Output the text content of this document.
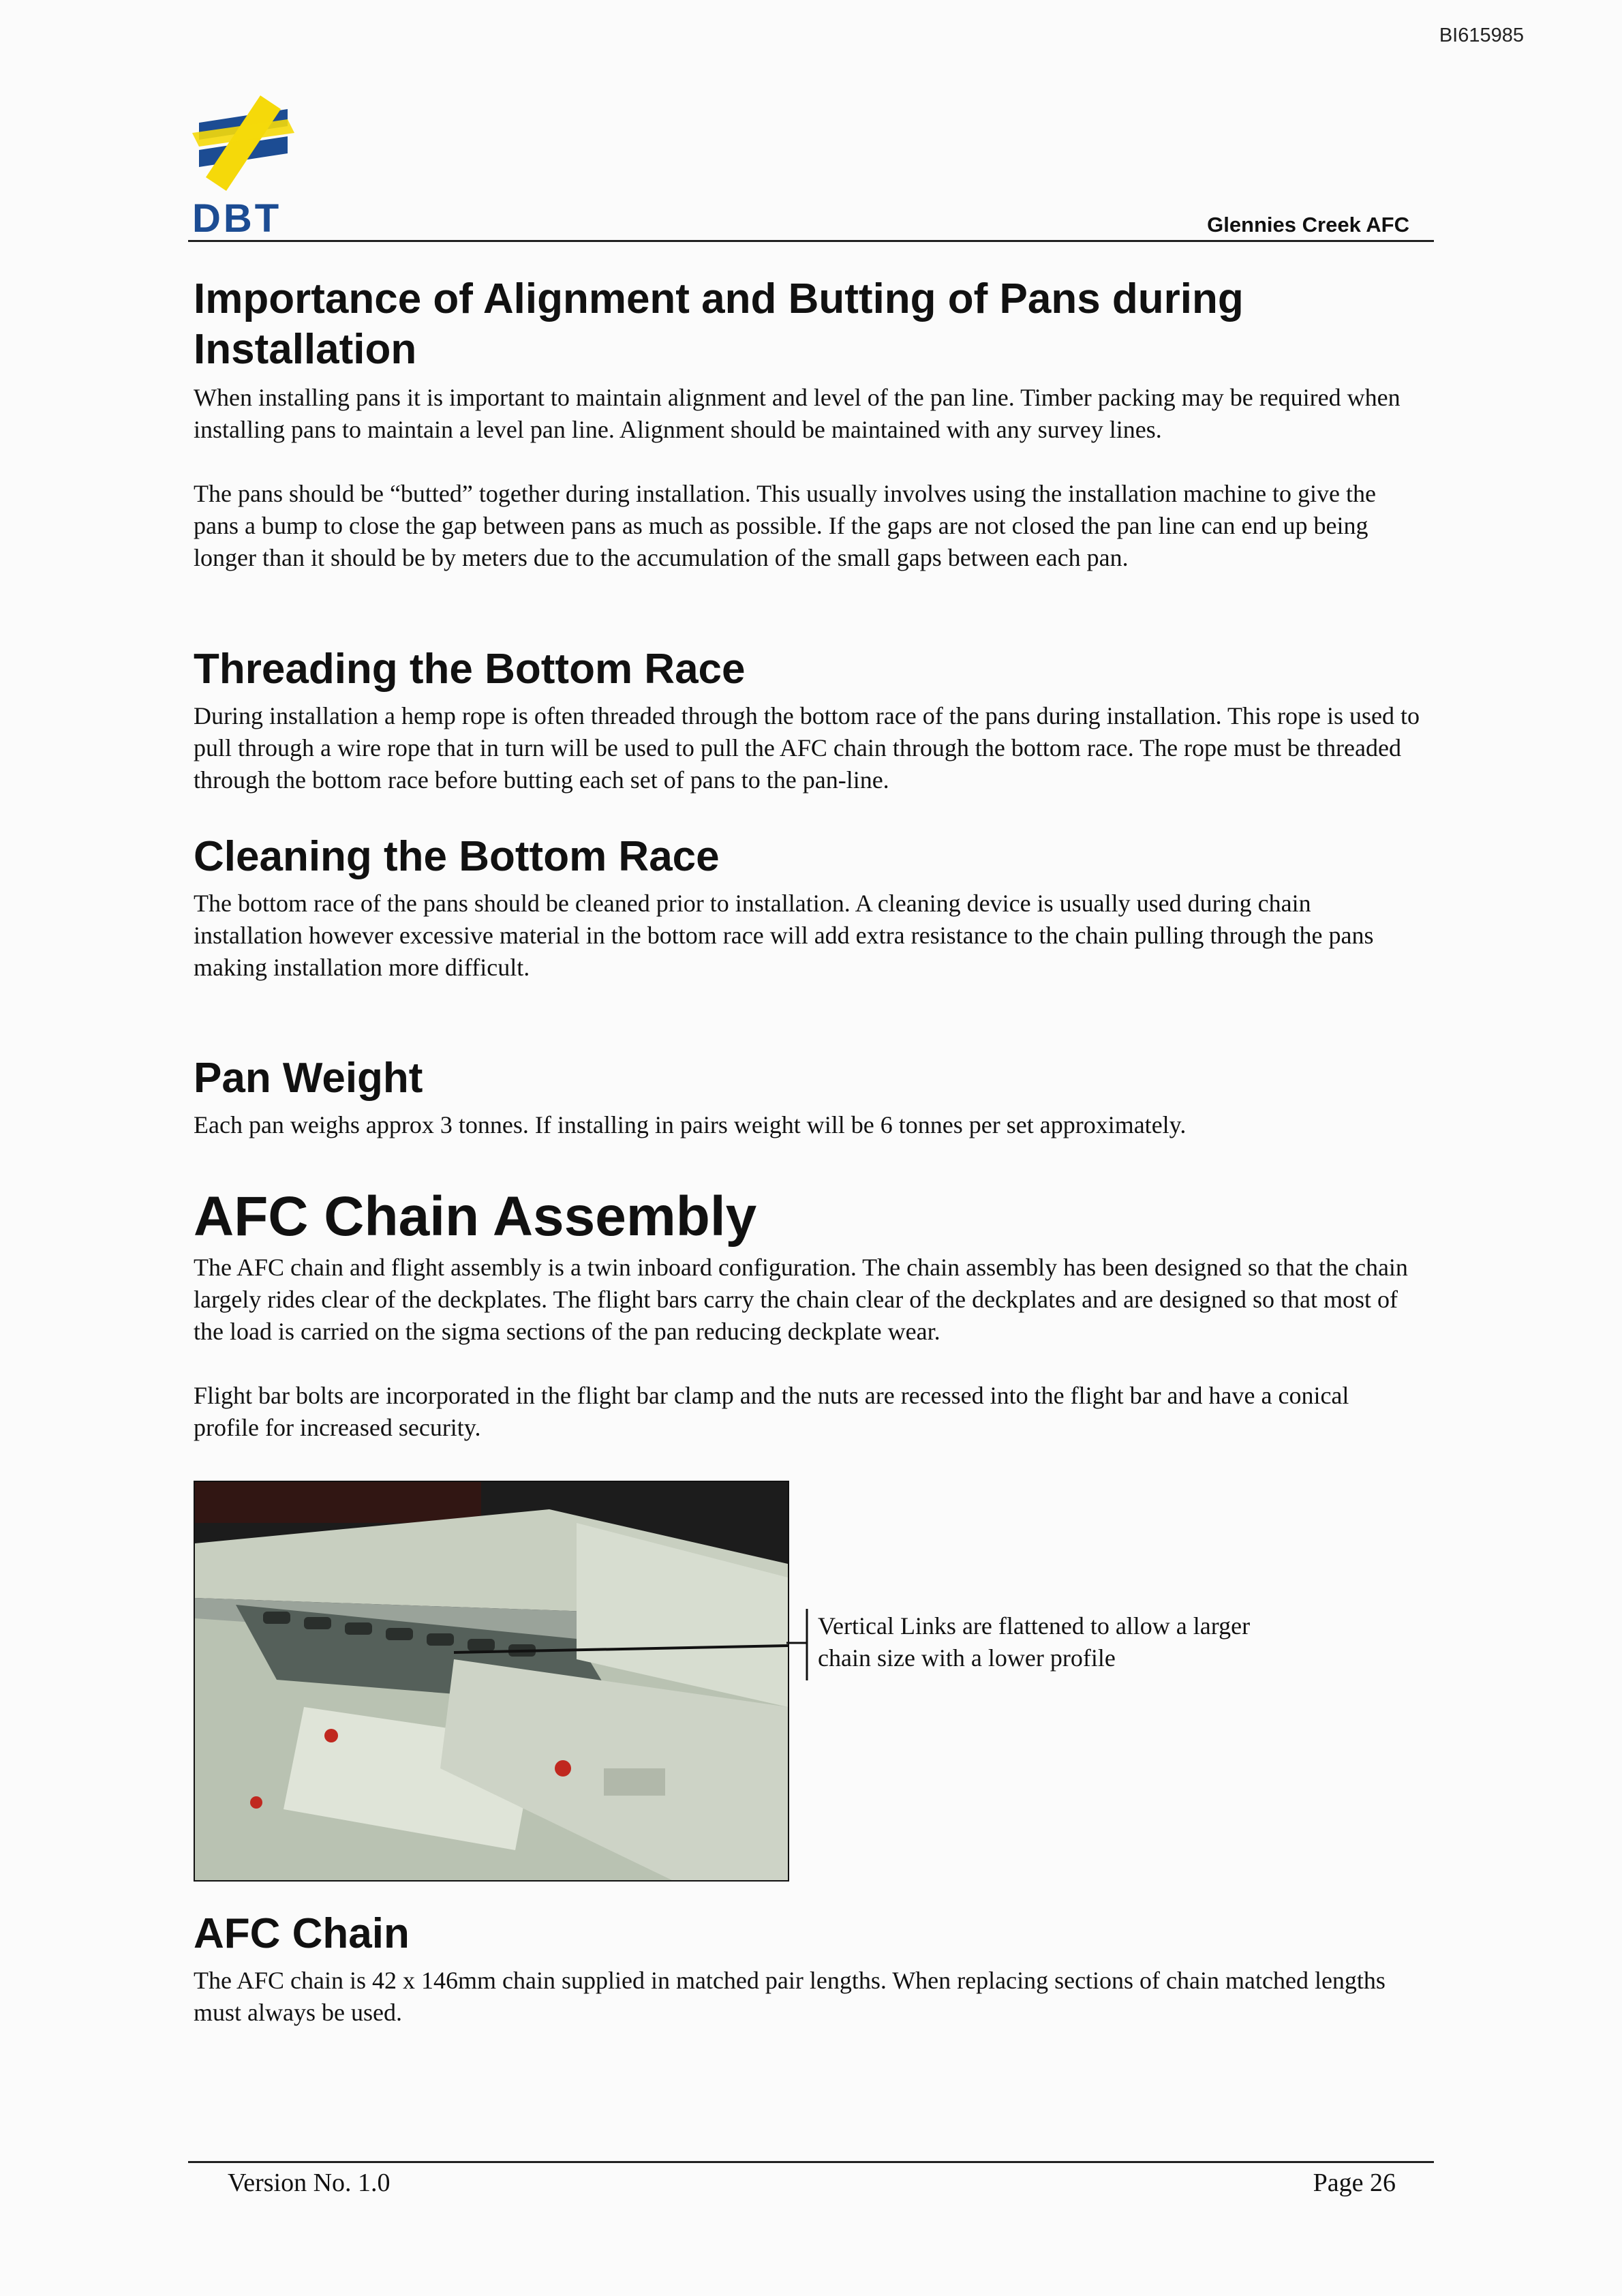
BI615985
DBT	Glennies Creek AFC
Importance of Alignment and Butting of Pans during Installation

When installing pans it is important to maintain alignment and level of the pan line. Timber packing may be required when installing pans to maintain a level pan line. Alignment should be maintained with any survey lines.

The pans should be “butted” together during installation. This usually involves using the installation machine to give the pans a bump to close the gap between pans as much as possible. If the gaps are not closed the pan line can end up being longer than it should be by meters due to the accumulation of the small gaps between each pan.

Threading the Bottom Race

During installation a hemp rope is often threaded through the bottom race of the pans during installation. This rope is used to pull through a wire rope that in turn will be used to pull the AFC chain through the bottom race. The rope must be threaded through the bottom race before butting each set of pans to the pan-line.

Cleaning the Bottom Race

The bottom race of the pans should be cleaned prior to installation. A cleaning device is usually used during chain installation however excessive material in the bottom race will add extra resistance to the chain pulling through the pans making installation more difficult.

Pan Weight

Each pan weighs approx 3 tonnes. If installing in pairs weight will be 6 tonnes per set approximately.

AFC Chain Assembly

The AFC chain and flight assembly is a twin inboard configuration. The chain assembly has been designed so that the chain largely rides clear of the deckplates. The flight bars carry the chain clear of the deckplates and are designed so that most of the load is carried on the sigma sections of the pan reducing deckplate wear.

Flight bar bolts are incorporated in the flight bar clamp and the nuts are recessed into the flight bar and have a conical profile for increased security.

Vertical Links are flattened to allow a larger chain size with a lower profile
AFC Chain

The AFC chain is 42 x 146mm chain supplied in matched pair lengths. When replacing sections of chain matched lengths must always be used.

Version No. 1.0	Page 26
